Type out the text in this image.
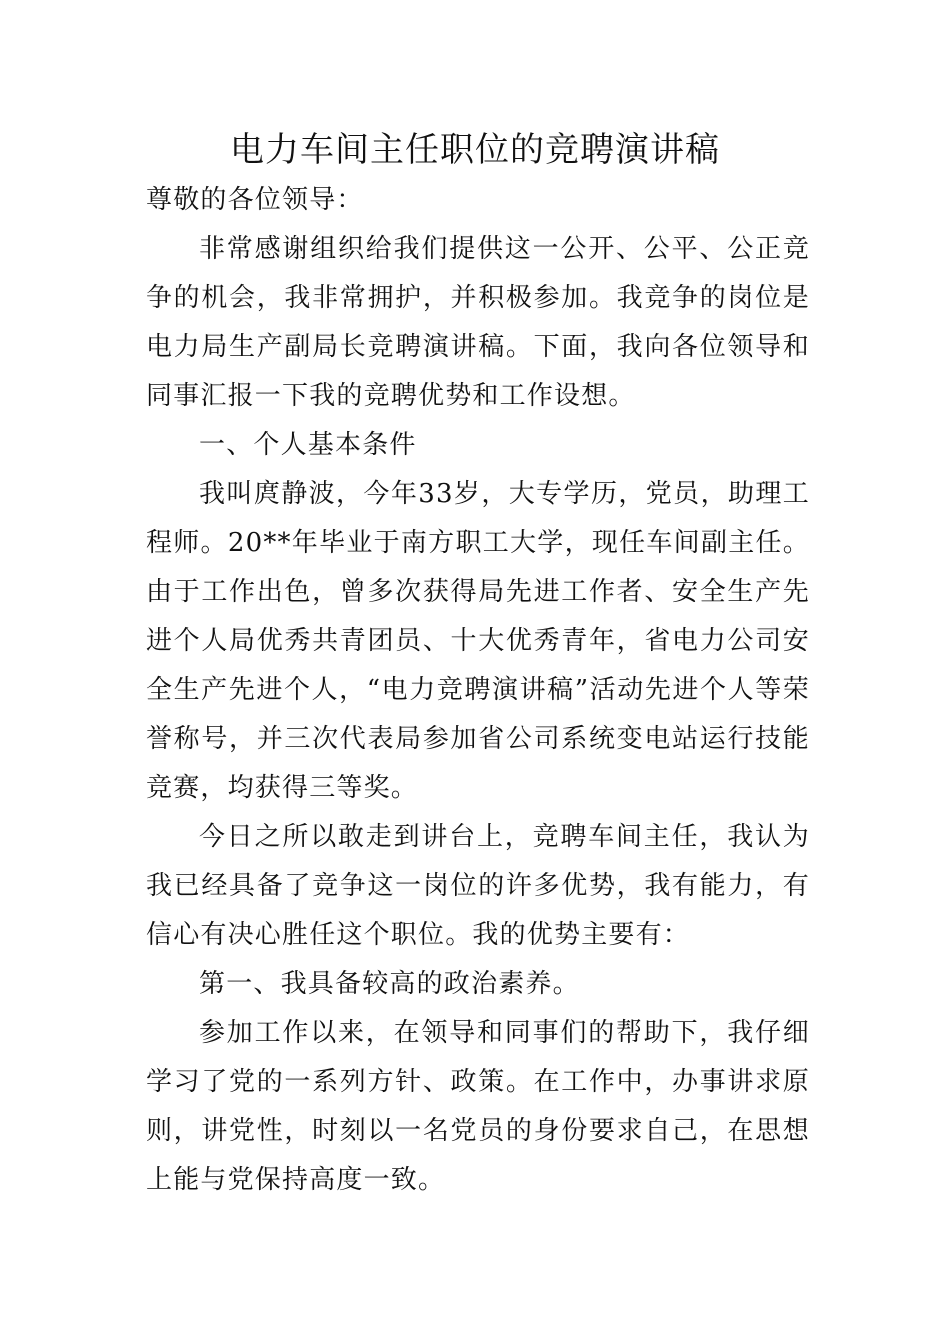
电力车间主任职位的竞聘演讲稿

尊敬的各位领导：

非常感谢组织给我们提供这一公开、公平、公正竞争的机会，我非常拥护，并积极参加。我竞争的岗位是电力局生产副局长竞聘演讲稿。下面，我向各位领导和同事汇报一下我的竞聘优势和工作设想。

一、个人基本条件

我叫庹静波，今年33岁，大专学历，党员，助理工程师。20**年毕业于南方职工大学，现任车间副主任。由于工作出色，曾多次获得局先进工作者、安全生产先进个人局优秀共青团员、十大优秀青年，省电力公司安全生产先进个人，“电力竞聘演讲稿”活动先进个人等荣誉称号，并三次代表局参加省公司系统变电站运行技能竞赛，均获得三等奖。

今日之所以敢走到讲台上，竞聘车间主任，我认为我已经具备了竞争这一岗位的许多优势，我有能力，有信心有决心胜任这个职位。我的优势主要有：

第一、我具备较高的政治素养。

参加工作以来，在领导和同事们的帮助下，我仔细学习了党的一系列方针、政策。在工作中，办事讲求原则，讲党性，时刻以一名党员的身份要求自己，在思想上能与党保持高度一致。
